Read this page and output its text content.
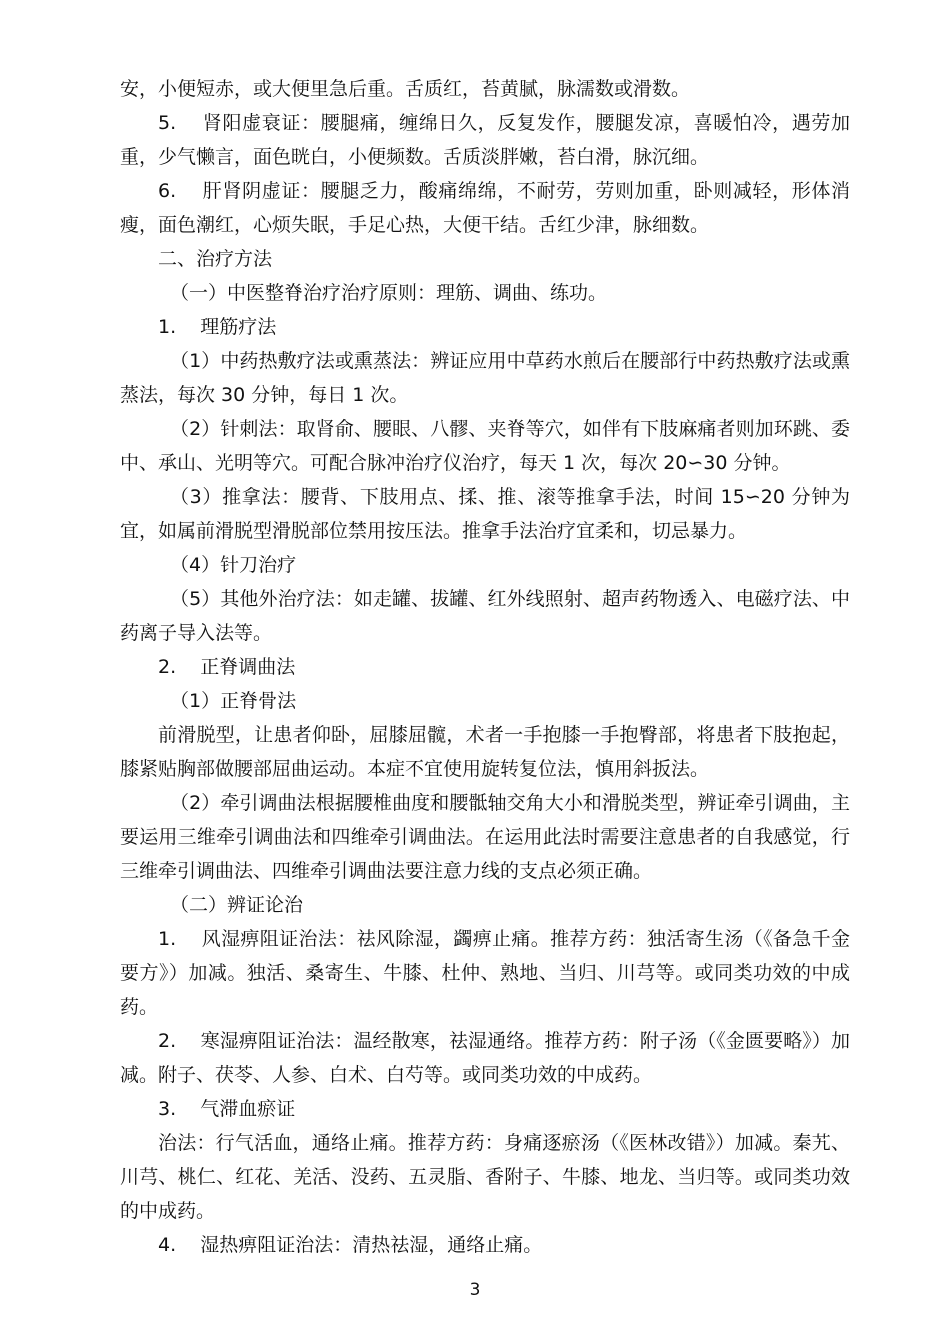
安，小便短赤，或大便里急后重。舌质红，苔黄腻，脉濡数或滑数。

5.    肾阳虚衰证：腰腿痛，缠绵日久，反复发作，腰腿发凉，喜暖怕冷，遇劳加重，少气懒言，面色晄白，小便频数。舌质淡胖嫩，苔白滑，脉沉细。

6.    肝肾阴虚证：腰腿乏力，酸痛绵绵，不耐劳，劳则加重，卧则减轻，形体消瘦，面色潮红，心烦失眠，手足心热，大便干结。舌红少津，脉细数。

二、治疗方法

（一）中医整脊治疗治疗原则：理筋、调曲、练功。

1.    理筋疗法

（1）中药热敷疗法或熏蒸法：辨证应用中草药水煎后在腰部行中药热敷疗法或熏蒸法，每次 30 分钟，每日 1 次。

（2）针刺法：取肾俞、腰眼、八髎、夹脊等穴，如伴有下肢麻痛者则加环跳、委中、承山、光明等穴。可配合脉冲治疗仪治疗，每天 1 次，每次 20∽30 分钟。

（3）推拿法：腰背、下肢用点、揉、推、滚等推拿手法，时间 15∽20 分钟为宜，如属前滑脱型滑脱部位禁用按压法。推拿手法治疗宜柔和，切忌暴力。

（4）针刀治疗

（5）其他外治疗法：如走罐、拔罐、红外线照射、超声药物透入、电磁疗法、中药离子导入法等。

2.    正脊调曲法

（1）正脊骨法

前滑脱型，让患者仰卧，屈膝屈髋，术者一手抱膝一手抱臀部，将患者下肢抱起，膝紧贴胸部做腰部屈曲运动。本症不宜使用旋转复位法，慎用斜扳法。

（2）牵引调曲法根据腰椎曲度和腰骶轴交角大小和滑脱类型，辨证牵引调曲，主要运用三维牵引调曲法和四维牵引调曲法。在运用此法时需要注意患者的自我感觉，行三维牵引调曲法、四维牵引调曲法要注意力线的支点必须正确。

（二）辨证论治

1.    风湿痹阻证治法：祛风除湿，蠲痹止痛。推荐方药：独活寄生汤（《备急千金要方》）加减。独活、桑寄生、牛膝、杜仲、熟地、当归、川芎等。或同类功效的中成药。

2.    寒湿痹阻证治法：温经散寒，祛湿通络。推荐方药：附子汤（《金匮要略》）加减。附子、茯苓、人参、白术、白芍等。或同类功效的中成药。

3.    气滞血瘀证

治法：行气活血，通络止痛。推荐方药：身痛逐瘀汤（《医林改错》）加减。秦艽、川芎、桃仁、红花、羌活、没药、五灵脂、香附子、牛膝、地龙、当归等。或同类功效的中成药。

4.    湿热痹阻证治法：清热祛湿，通络止痛。

3
